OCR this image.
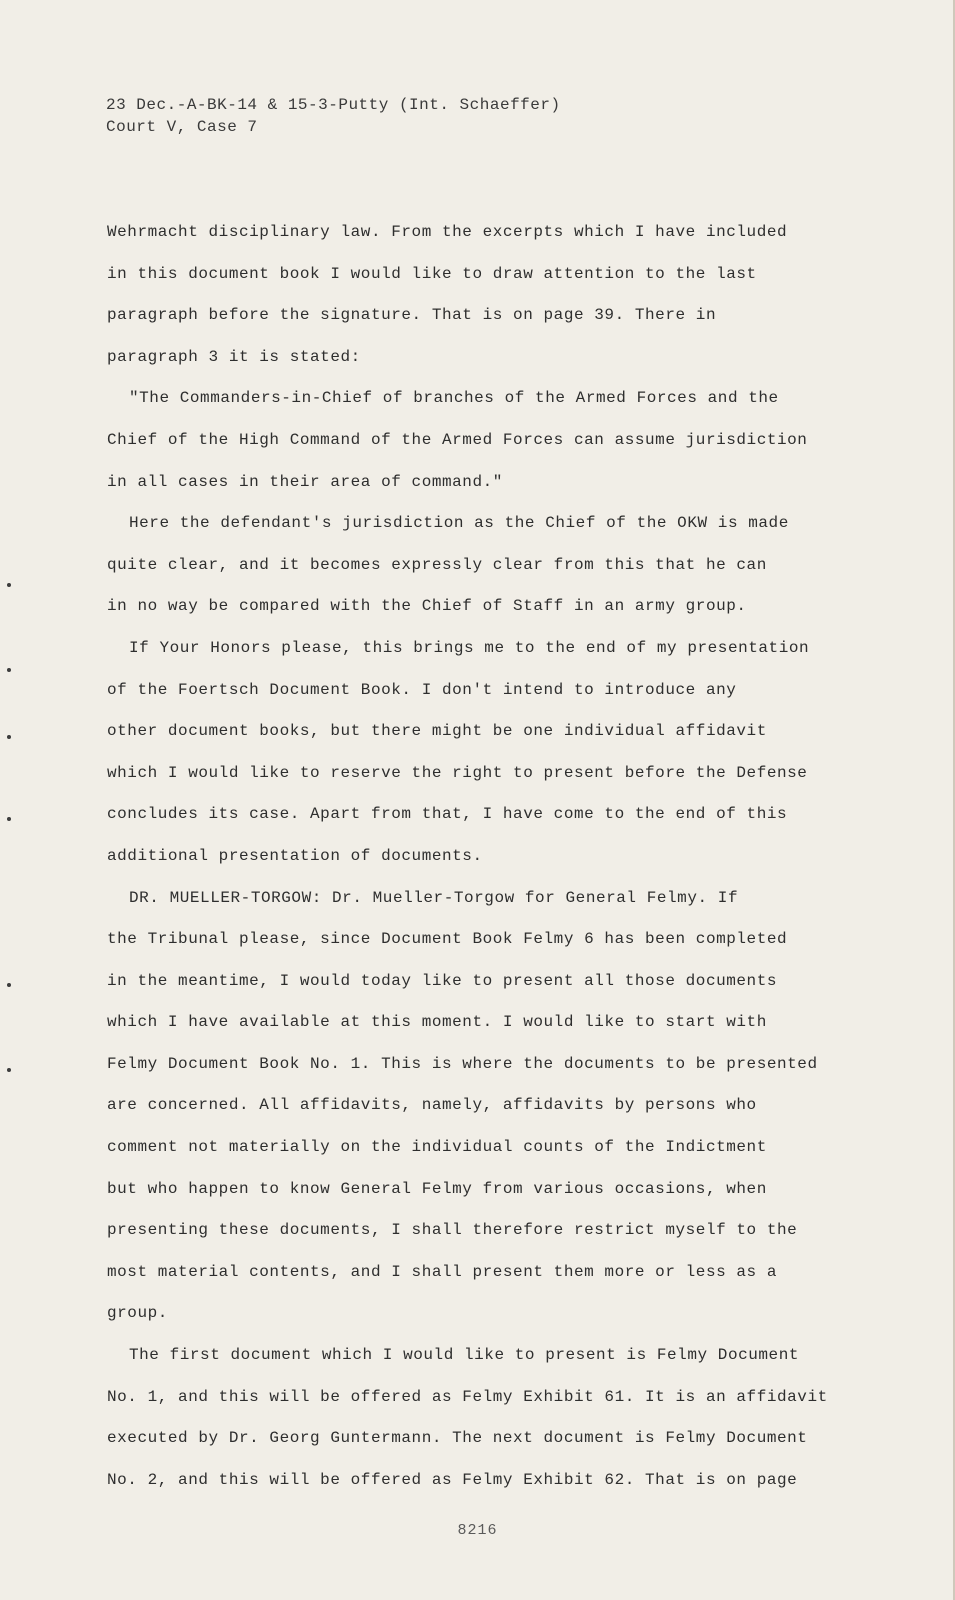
23 Dec.-A-BK-14 & 15-3-Putty (Int. Schaeffer)
Court V, Case 7
Wehrmacht disciplinary law. From the excerpts which I have included
in this document book I would like to draw attention to the last
paragraph before the signature. That is on page 39. There in
paragraph 3 it is stated:
"The Commanders-in-Chief of branches of the Armed Forces and the
Chief of the High Command of the Armed Forces can assume jurisdiction
in all cases in their area of command."
Here the defendant's jurisdiction as the Chief of the OKW is made
quite clear, and it becomes expressly clear from this that he can
in no way be compared with the Chief of Staff in an army group.
If Your Honors please, this brings me to the end of my presentation
of the Foertsch Document Book. I don't intend to introduce any
other document books, but there might be one individual affidavit
which I would like to reserve the right to present before the Defense
concludes its case. Apart from that, I have come to the end of this
additional presentation of documents.
DR. MUELLER-TORGOW: Dr. Mueller-Torgow for General Felmy. If
the Tribunal please, since Document Book Felmy 6 has been completed
in the meantime, I would today like to present all those documents
which I have available at this moment. I would like to start with
Felmy Document Book No. 1. This is where the documents to be presented
are concerned. All affidavits, namely, affidavits by persons who
comment not materially on the individual counts of the Indictment
but who happen to know General Felmy from various occasions, when
presenting these documents, I shall therefore restrict myself to the
most material contents, and I shall present them more or less as a
group.
The first document which I would like to present is Felmy Document
No. 1, and this will be offered as Felmy Exhibit 61. It is an affidavit
executed by Dr. Georg Guntermann. The next document is Felmy Document
No. 2, and this will be offered as Felmy Exhibit 62. That is on page
8216
